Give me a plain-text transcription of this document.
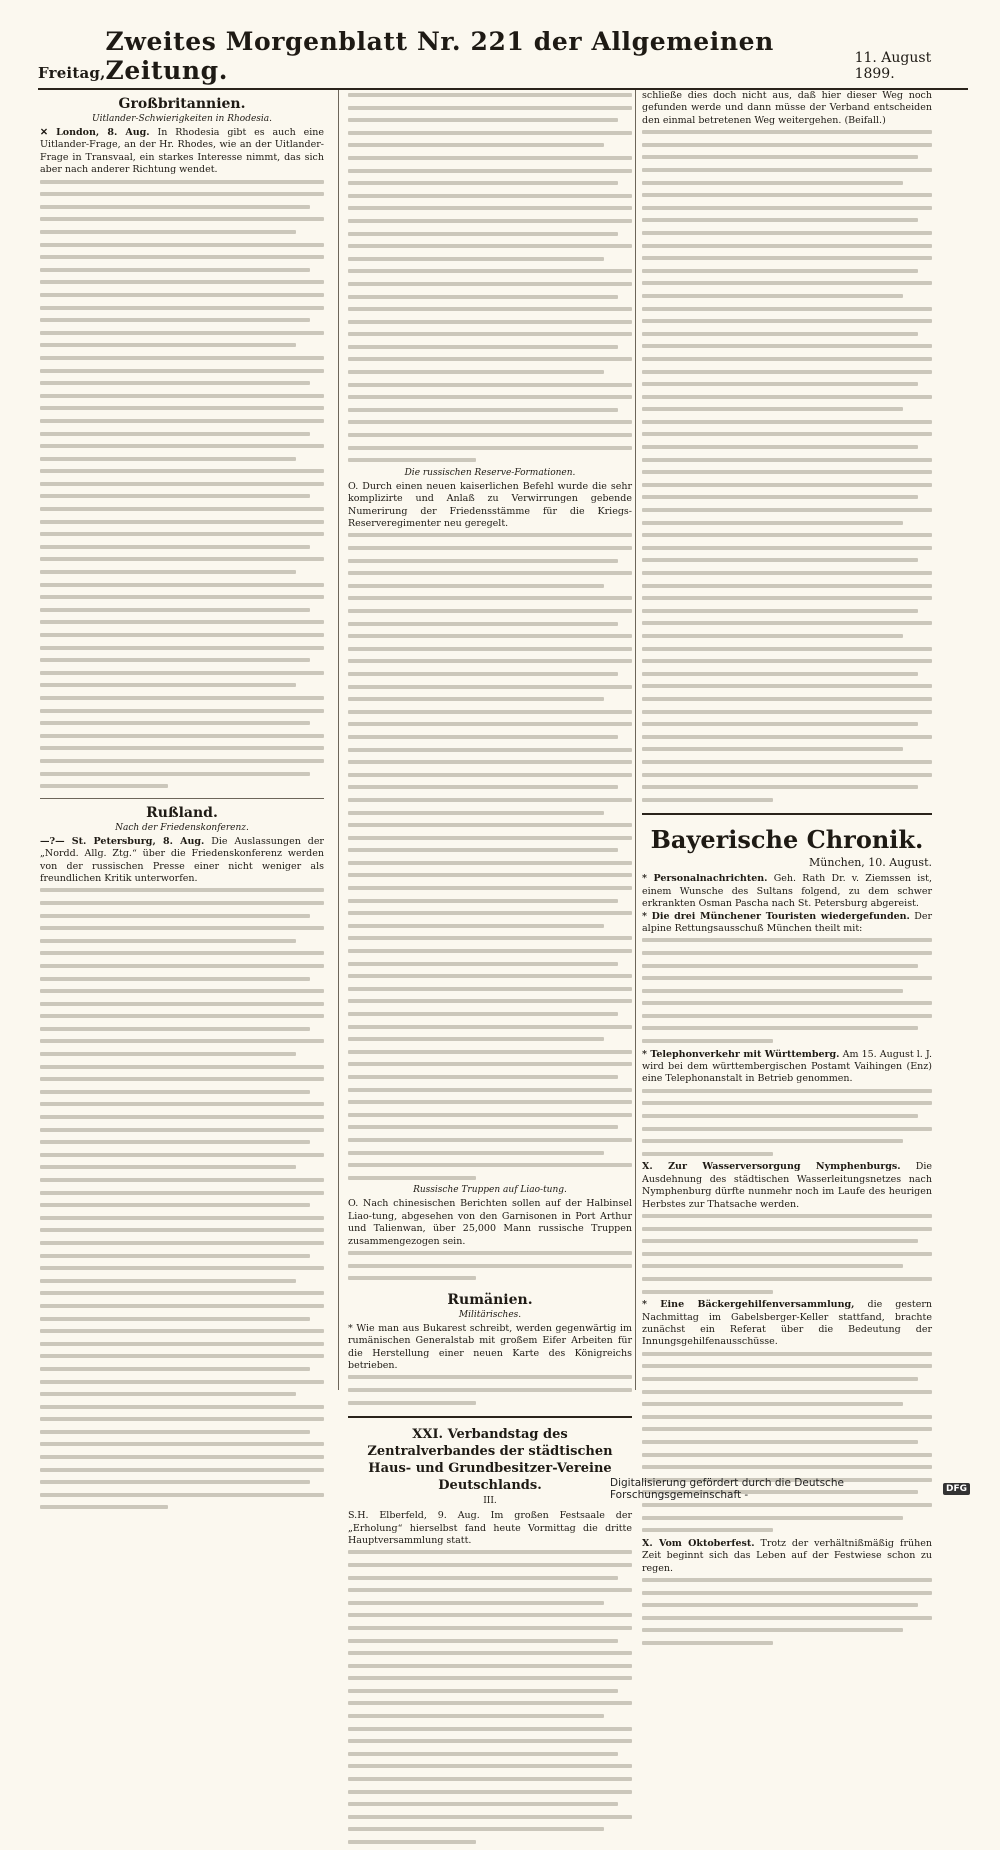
Freitag,
Zweites Morgenblatt Nr. 221 der Allgemeinen Zeitung.	11. August 1899.
Großbritannien.
Uitlander-Schwierigkeiten in Rhodesia.

✕ London, 8. Aug. In Rhodesia gibt es auch eine Uitlander-Frage, an der Hr. Rhodes, wie an der Uitlander-Frage in Transvaal, ein starkes Interesse nimmt, das sich aber nach anderer Richtung wendet.

Rußland.
Nach der Friedenskonferenz.

—?— St. Petersburg, 8. Aug. Die Auslassungen der „Nordd. Allg. Ztg.“ über die Friedenskonferenz werden von der russischen Presse einer nicht weniger als freundlichen Kritik unterworfen.

Die russischen Reserve-Formationen.

O. Durch einen neuen kaiserlichen Befehl wurde die sehr komplizirte und Anlaß zu Verwirrungen gebende Numerirung der Friedensstämme für die Kriegs-Reserveregimenter neu geregelt.

Russische Truppen auf Liao-tung.

O. Nach chinesischen Berichten sollen auf der Halbinsel Liao-tung, abgesehen von den Garnisonen in Port Arthur und Talienwan, über 25,000 Mann russische Truppen zusammengezogen sein.

Rumänien.
Militärisches.

* Wie man aus Bukarest schreibt, werden gegenwärtig im rumänischen Generalstab mit großem Eifer Arbeiten für die Herstellung einer neuen Karte des Königreichs betrieben.

XXI. Verbandstag des Zentralverbandes der städtischen Haus- und Grundbesitzer-Vereine Deutschlands.
III.

S.H. Elberfeld, 9. Aug. Im großen Festsaale der „Erholung“ hierselbst fand heute Vormittag die dritte Hauptversammlung statt.

schließe dies doch nicht aus, daß hier dieser Weg noch gefunden werde und dann müsse der Verband entscheiden den einmal betretenen Weg weitergehen. (Beifall.)

Bayerische Chronik.
München, 10. August.

* Personalnachrichten. Geh. Rath Dr. v. Ziemssen ist, einem Wunsche des Sultans folgend, zu dem schwer erkrankten Osman Pascha nach St. Petersburg abgereist.

* Die drei Münchener Touristen wiedergefunden. Der alpine Rettungsausschuß München theilt mit:

* Telephonverkehr mit Württemberg. Am 15. August l. J. wird bei dem württembergischen Postamt Vaihingen (Enz) eine Telephonanstalt in Betrieb genommen.

X. Zur Wasserversorgung Nymphenburgs. Die Ausdehnung des städtischen Wasserleitungsnetzes nach Nymphenburg dürfte nunmehr noch im Laufe des heurigen Herbstes zur Thatsache werden.

* Eine Bäckergehilfenversammlung, die gestern Nachmittag im Gabelsberger-Keller stattfand, brachte zunächst ein Referat über die Bedeutung der Innungsgehilfenausschüsse.

X. Vom Oktoberfest. Trotz der verhältnißmäßig frühen Zeit beginnt sich das Leben auf der Festwiese schon zu regen.

Digitalisierung gefördert durch die Deutsche Forschungsgemeinschaft -	DFG
